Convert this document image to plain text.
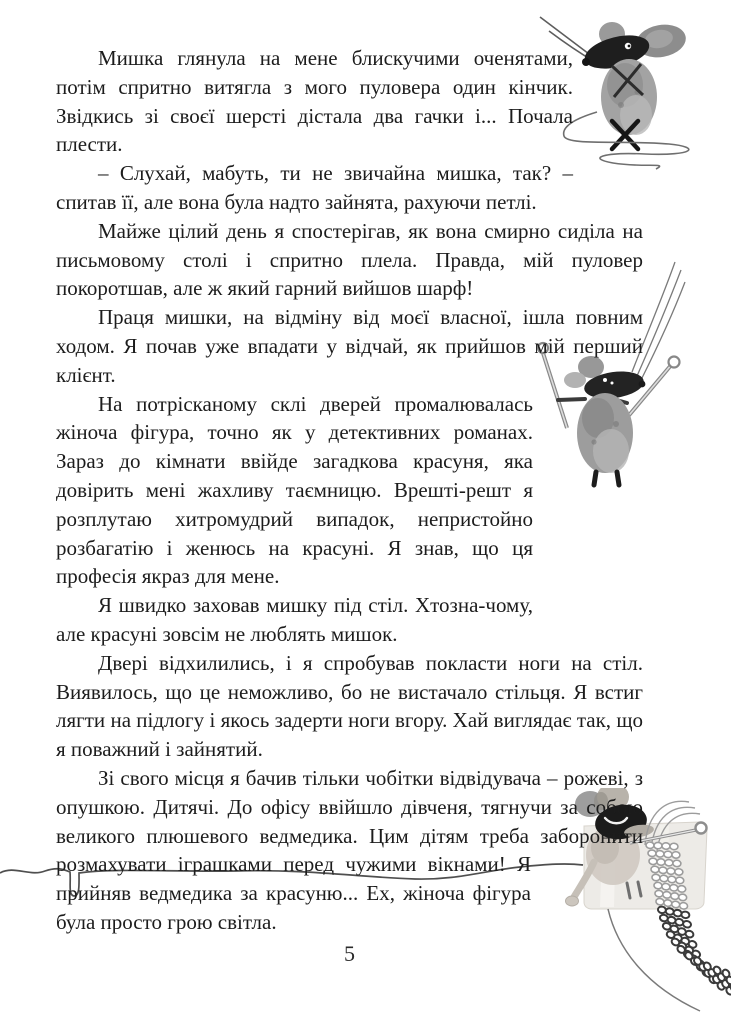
Мишка глянула на мене блискучими оченятами, потім спритно витягла з мого пуловера один кінчик. Звідкись зі своєї шерсті дістала два гачки і... Почала плести.

– Слухай, мабуть, ти не звичайна мишка, так? – спитав її, але вона була надто зайнята, рахуючи петлі.

Майже цілий день я спостерігав, як вона смирно сиділа на письмовому столі і спритно плела. Правда, мій пуловер покоротшав, але ж який гарний вийшов шарф!

Праця мишки, на відміну від моєї власної, ішла повним ходом. Я почав уже впадати у відчай, як прийшов мій перший клієнт.

На потрісканому склі дверей промалювалась жіноча фігура, точно як у детективних романах. Зараз до кімнати ввійде загадкова красуня, яка довірить мені жахливу таємницю. Врешті-решт я розплутаю хитромудрий випадок, непристойно розбагатію і женюсь на красуні. Я знав, що ця професія якраз для мене.

Я швидко заховав мишку під стіл. Хтозна-чому, але красуні зовсім не люблять мишок.

Двері відхилились, і я спробував покласти ноги на стіл. Виявилось, що це неможливо, бо не вистачало стільця. Я встиг лягти на підлогу і якось задерти ноги вгору. Хай виглядає так, що я поважний і зайнятий.

Зі свого місця я бачив тільки чобітки відвідувача – рожеві, з опушкою. Дитячі. До офісу ввійшло дівченя, тягнучи за собою великого плюшевого ведмедика. Цим дітям треба заборонити розмахувати іграшками перед чужими вікнами! Я прийняв ведмедика за красуню... Ех, жіноча фігура була просто грою світла.

5
